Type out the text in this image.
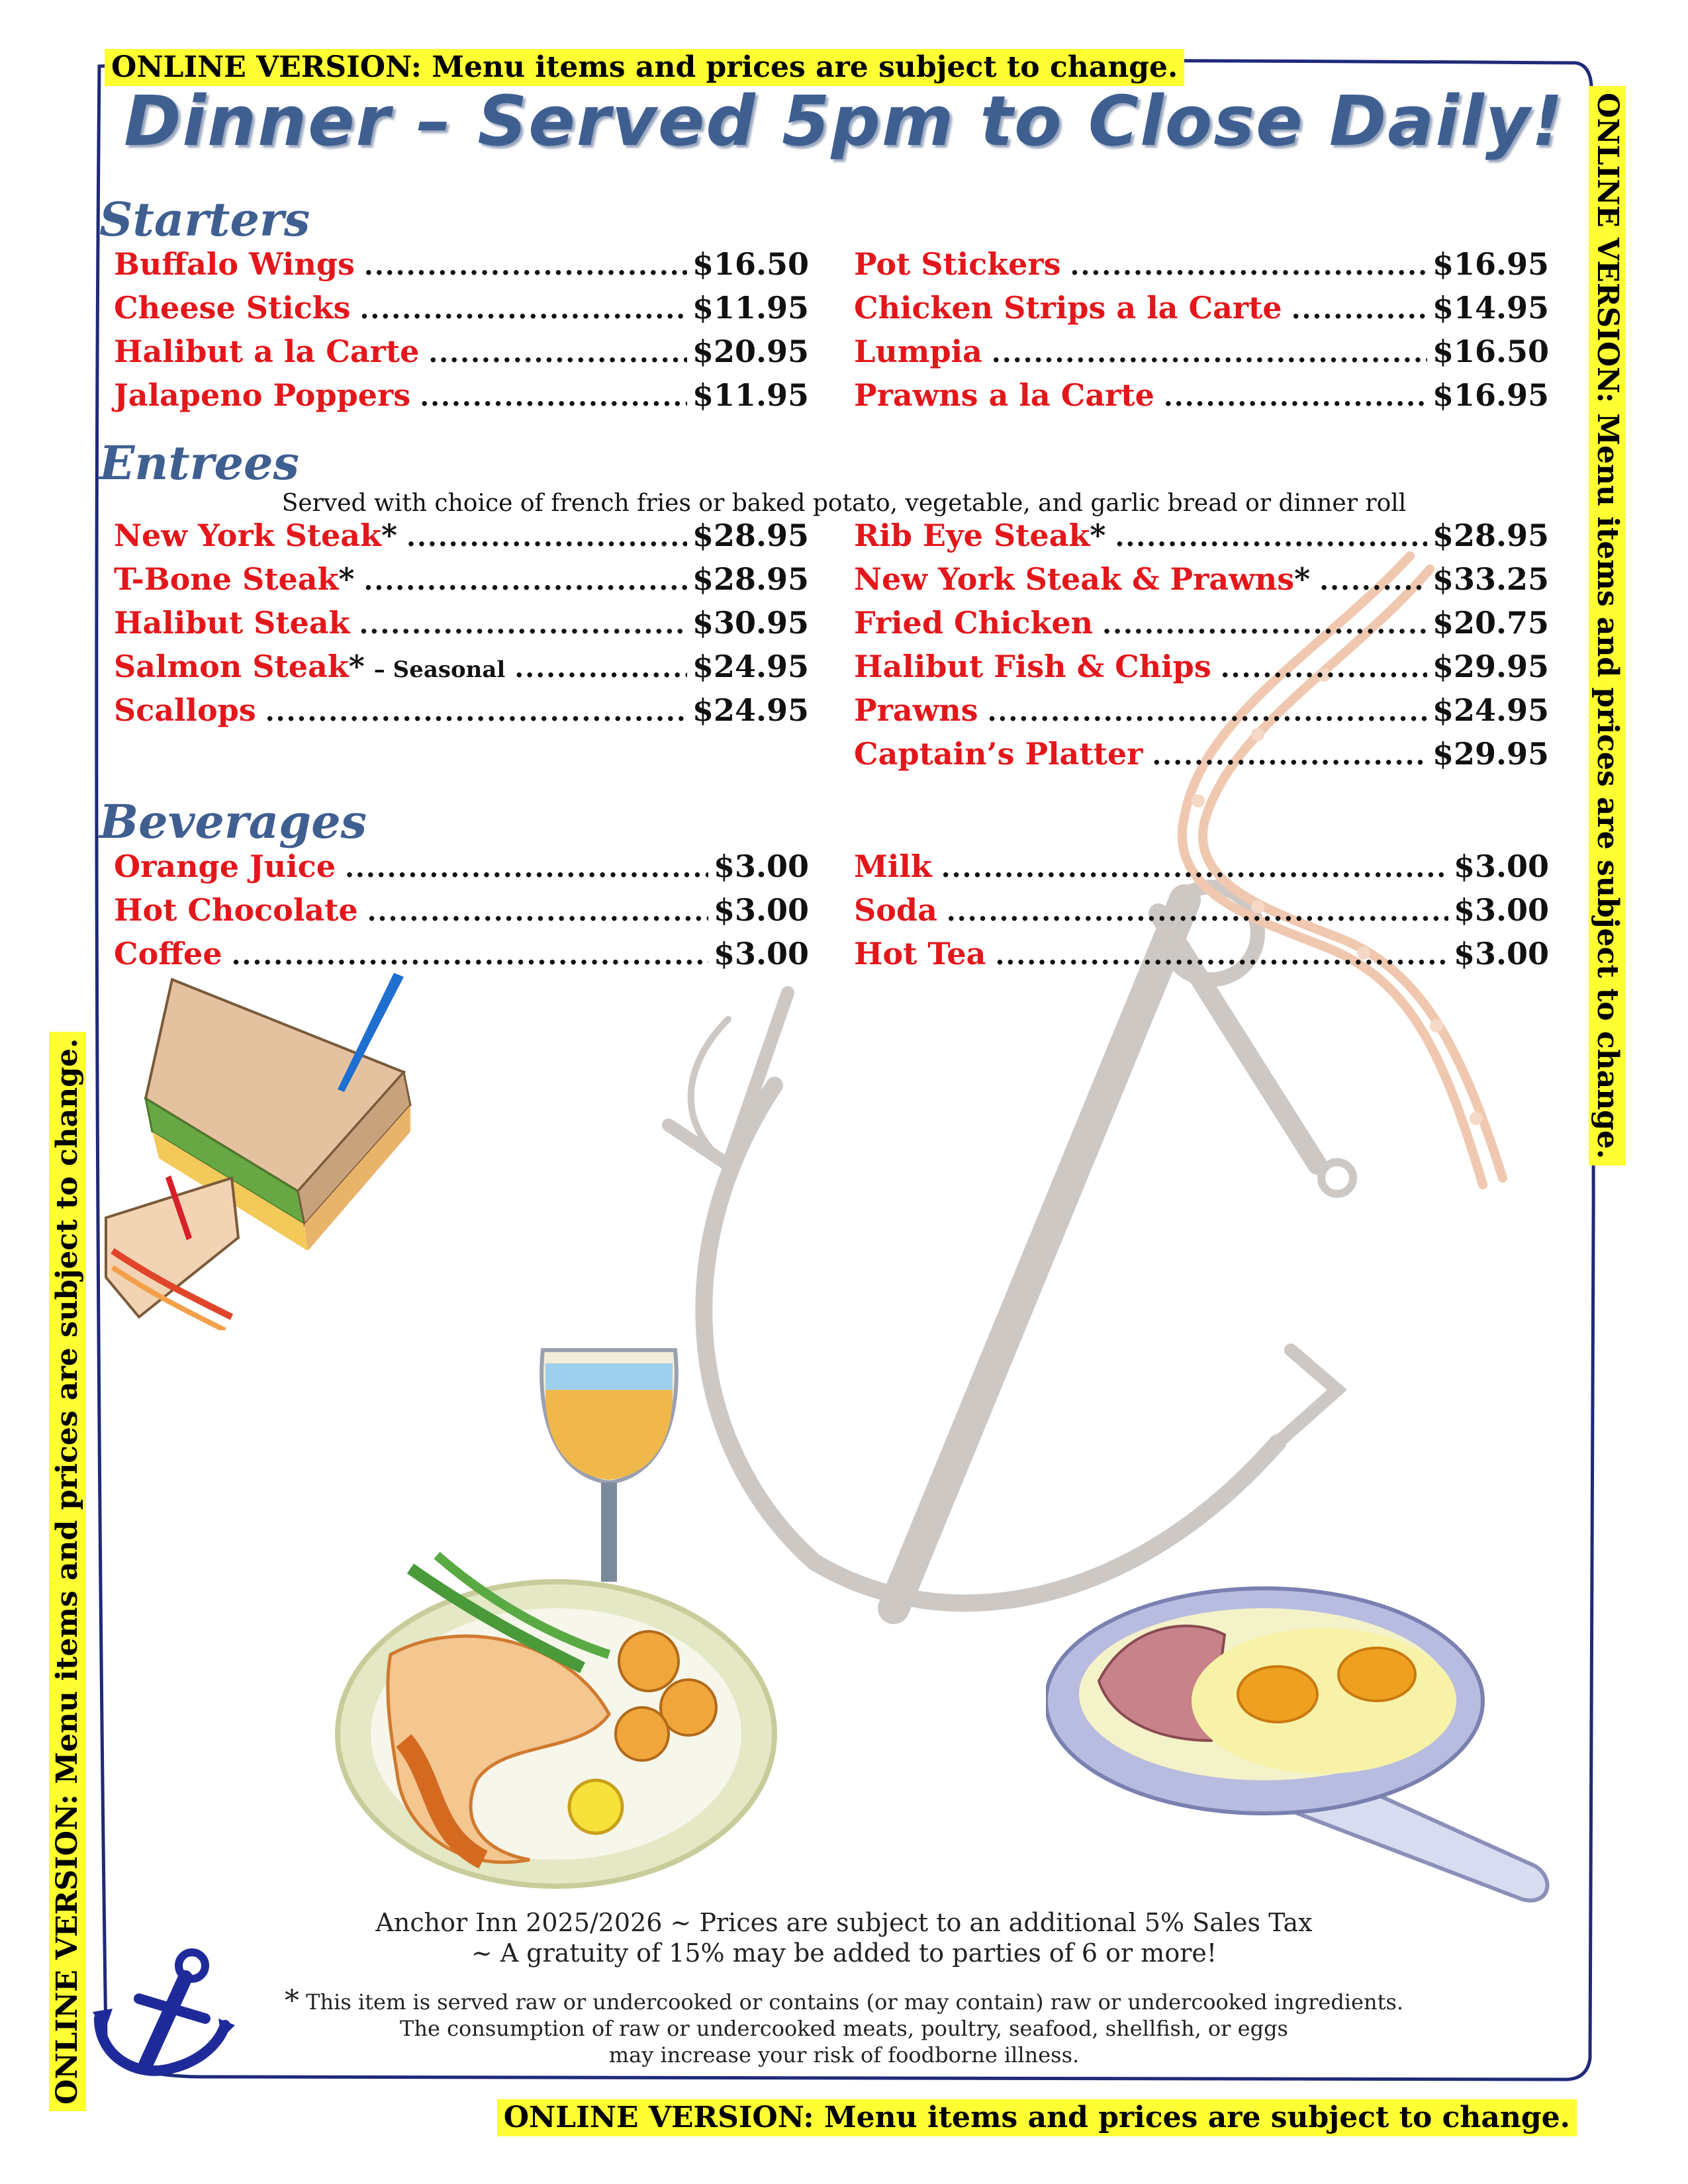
ONLINE VERSION: Menu items and prices are subject to change.
ONLINE VERSION: Menu items and prices are subject to change.
ONLINE VERSION: Menu items and prices are subject to change.
ONLINE VERSION: Menu items and prices are subject to change.
Dinner – Served 5pm to Close Daily!
Starters
Buffalo Wings .....	$16.50
Cheese Sticks .....	$11.95
Halibut a la Carte .....	$20.95
Jalapeno Poppers .....	$11.95
Pot Stickers .....	$16.95
Chicken Strips a la Carte .....	$14.95
Lumpia .....	$16.50
Prawns a la Carte .....	$16.95
Entrees
Served with choice of french fries or baked potato, vegetable, and garlic bread or dinner roll
New York Steak * .....	$28.95
T-Bone Steak * .....	$28.95
Halibut Steak .....	$30.95
Salmon Steak * – Seasonal .....	$24.95
Scallops .....	$24.95
Rib Eye Steak * .....	$28.95
New York Steak & Prawns * .....	$33.25
Fried Chicken .....	$20.75
Halibut Fish & Chips .....	$29.95
Prawns .....	$24.95
Captain’s Platter .....	$29.95
Beverages
Orange Juice .....	$3.00
Hot Chocolate .....	$3.00
Coffee .....	$3.00
Milk .....	$3.00
Soda .....	$3.00
Hot Tea .....	$3.00
Anchor Inn 2025/2026 ~ Prices are subject to an additional 5% Sales Tax
~ A gratuity of 15% may be added to parties of 6 or more!
* This item is served raw or undercooked or contains (or may contain) raw or undercooked ingredients.
The consumption of raw or undercooked meats, poultry, seafood, shellfish, or eggs
may increase your risk of foodborne illness.
